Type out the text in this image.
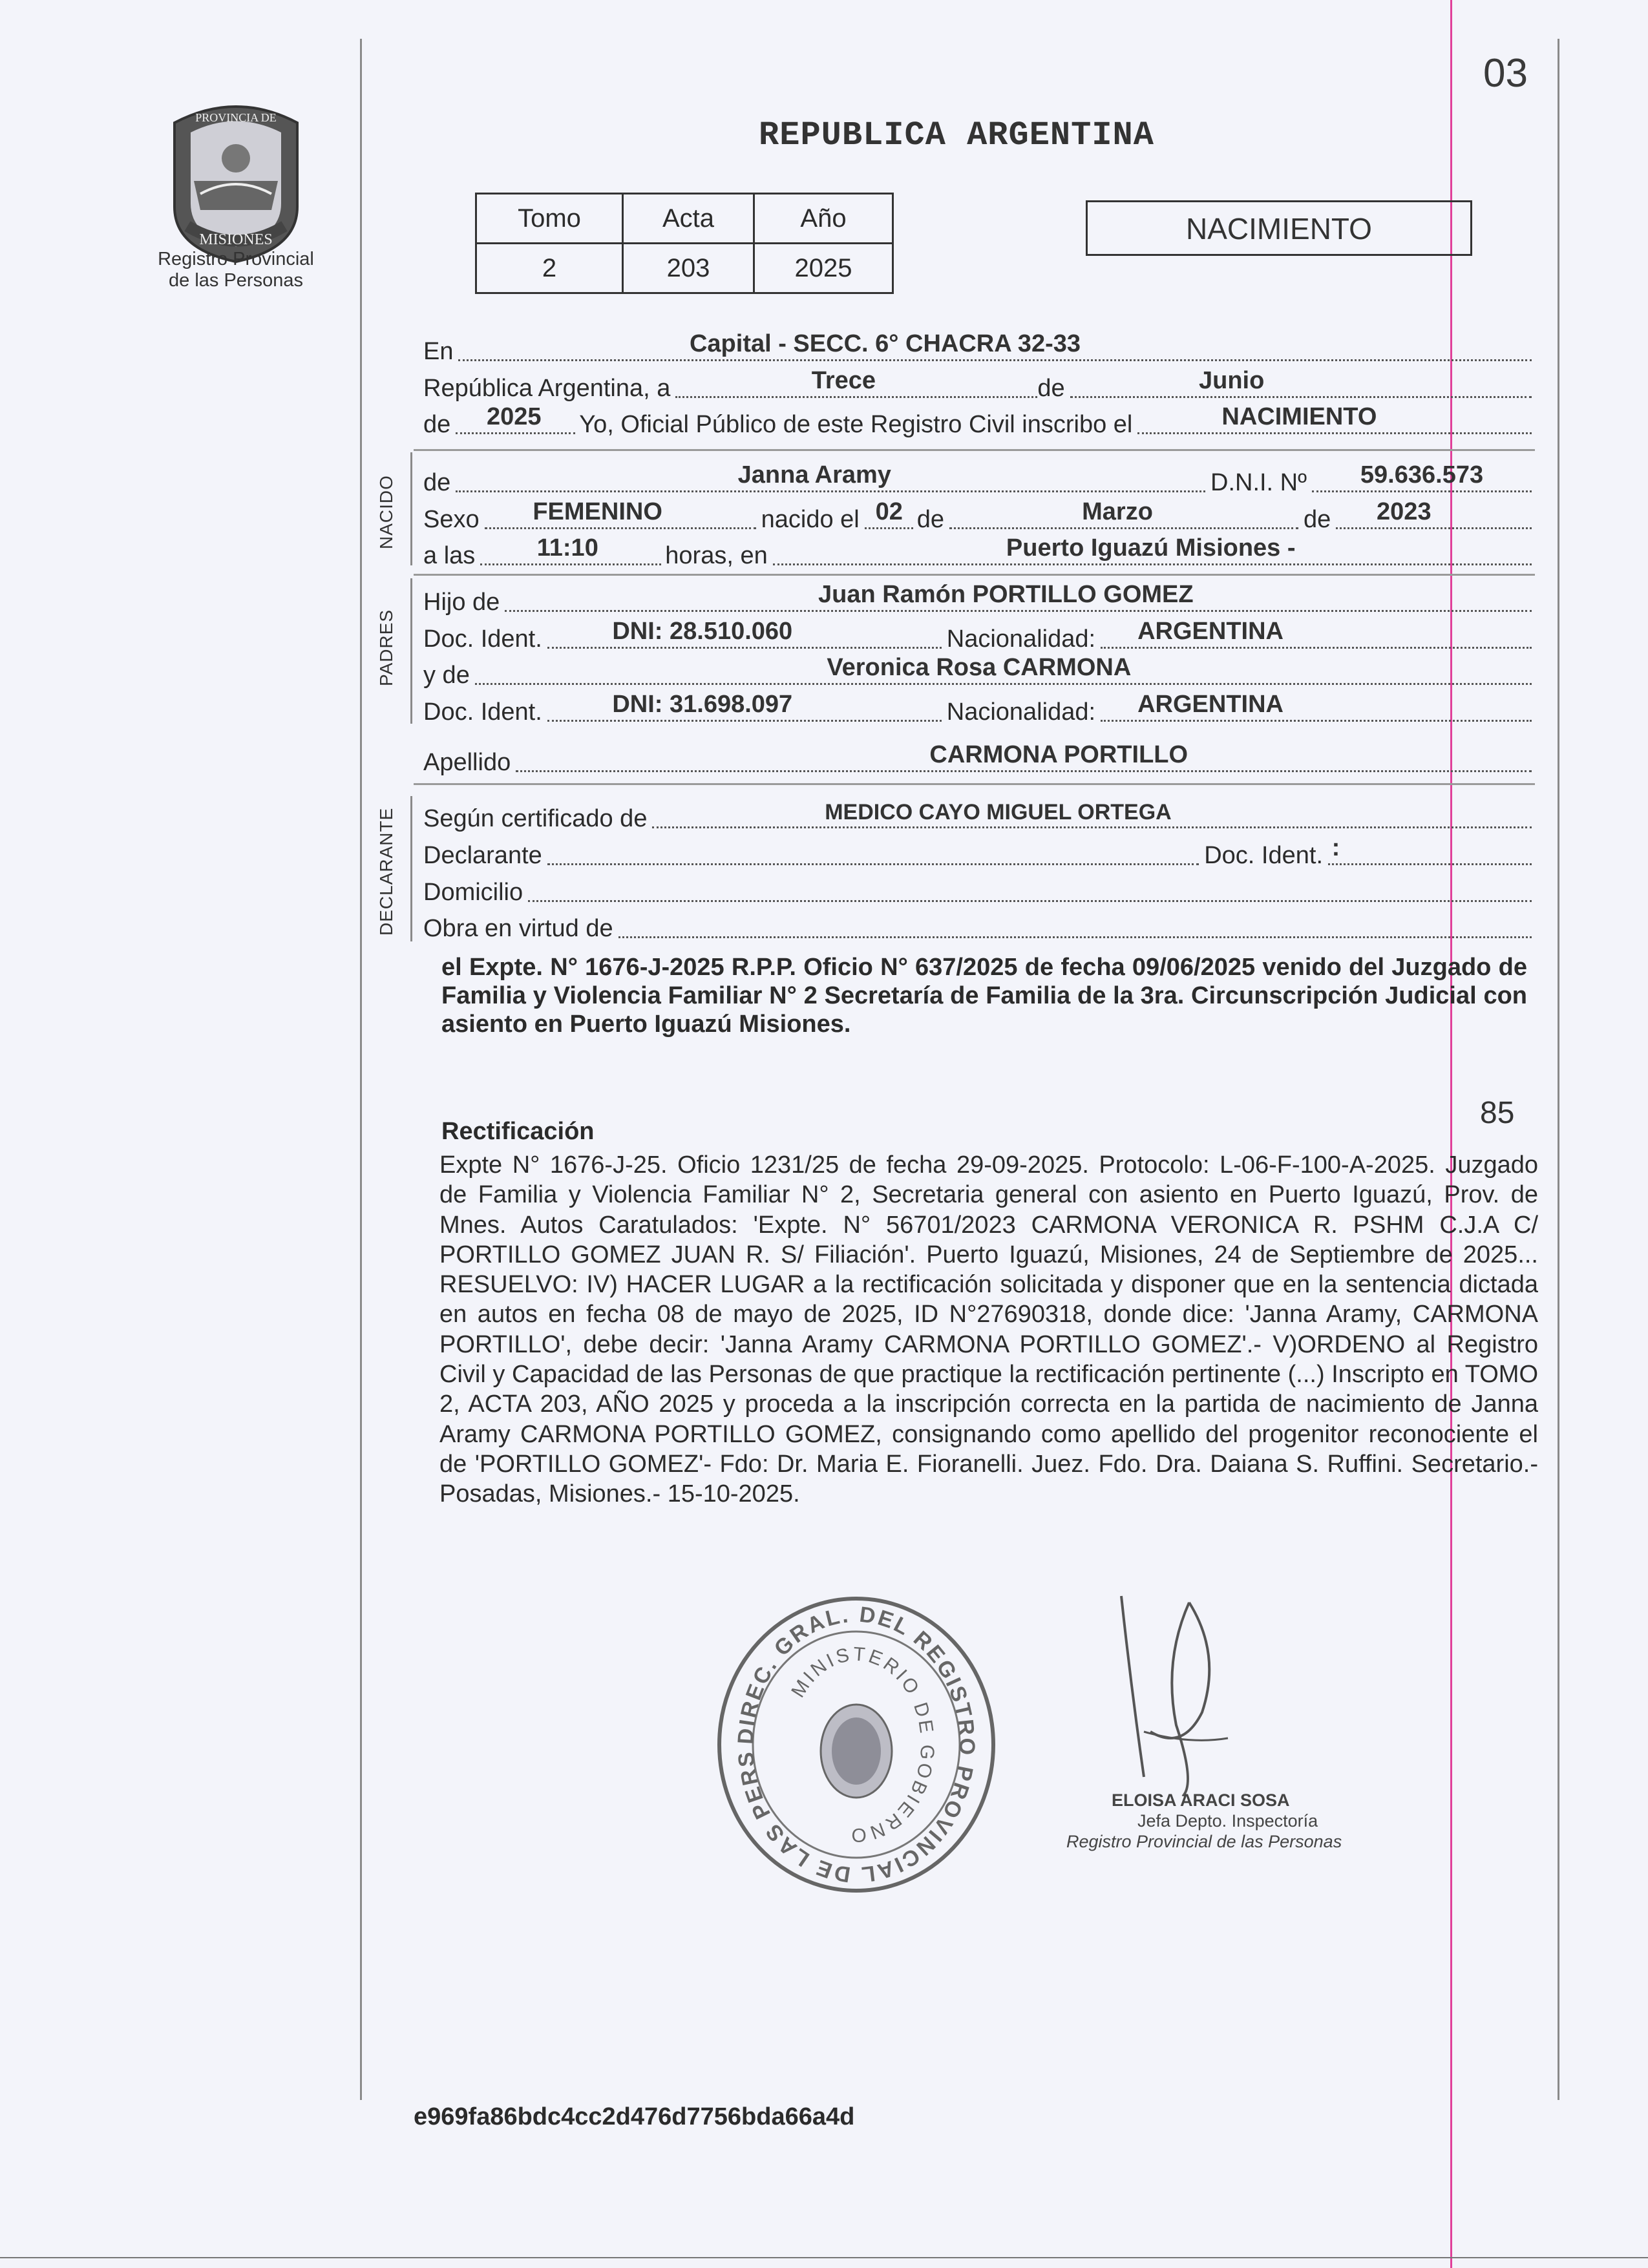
03
PROVINCIA DE
MISIONES
Registro Provincial
de las Personas
REPUBLICA ARGENTINA
Tomo	Acta	Año
2	203	2025
NACIMIENTO
En	Capital - SECC. 6° CHACRA 32-33
República Argentina, a	Trece	de	Junio
de 2025 Yo, Oficial Público de este Registro Civil inscribo el	NACIMIENTO
NACIDO de	Janna Aramy	D.N.I. Nº 59.636.573
Sexo FEMENINO	nacido el 02 de	Marzo	de 2023
a las	11:10	horas, en	Puerto Iguazú Misiones -
PADRES
Hijo de	Juan Ramón PORTILLO GOMEZ
Doc. Ident.	DNI: 28.510.060	Nacionalidad: ARGENTINA
y de	Veronica Rosa CARMONA
Doc. Ident.	DNI: 31.698.097	Nacionalidad: ARGENTINA
Apellido	CARMONA PORTILLO
DECLARANTE Según certificado de	MEDICO CAYO MIGUEL ORTEGA
Declarante	Doc. Ident. :
Domicilio
Obra en virtud de
el Expte. N° 1676-J-2025 R.P.P. Oficio N° 637/2025 de fecha 09/06/2025 venido del Juzgado de Familia y Violencia Familiar N° 2 Secretaría de Familia de la 3ra. Circunscripción Judicial con asiento en Puerto Iguazú Misiones.
85
Rectificación
Expte N° 1676-J-25. Oficio 1231/25 de fecha 29-09-2025. Protocolo: L-06-F-100-A-2025. Juzgado de Familia y Violencia Familiar N° 2, Secretaria general con asiento en Puerto Iguazú, Prov. de Mnes. Autos Caratulados: 'Expte. N° 56701/2023 CARMONA VERONICA R. PSHM C.J.A C/ PORTILLO GOMEZ JUAN R. S/ Filiación'. Puerto Iguazú, Misiones, 24 de Septiembre de 2025... RESUELVO: IV) HACER LUGAR a la rectificación solicitada y disponer que en la sentencia dictada en autos en fecha 08 de mayo de 2025, ID N°27690318, donde dice: 'Janna Aramy, CARMONA PORTILLO', debe decir: 'Janna Aramy CARMONA PORTILLO GOMEZ'.- V)ORDENO al Registro Civil y Capacidad de las Personas de que practique la rectificación pertinente (...) Inscripto en TOMO 2, ACTA 203, AÑO 2025 y proceda a la inscripción correcta en la partida de nacimiento de Janna Aramy CARMONA PORTILLO GOMEZ, consignando como apellido del progenitor reconociente el de 'PORTILLO GOMEZ'- Fdo: Dr. Maria E. Fioranelli. Juez. Fdo. Dra. Daiana S. Ruffini. Secretario.- Posadas, Misiones.- 15-10-2025.
DIREC. GRAL. DEL REGISTRO PROVINCIAL DE LAS PERS
MINISTERIO DE GOBIERNO
ELOISA ARACI SOSA
Jefa Depto. Inspectoría
Registro Provincial de las Personas
e969fa86bdc4cc2d476d7756bda66a4d
